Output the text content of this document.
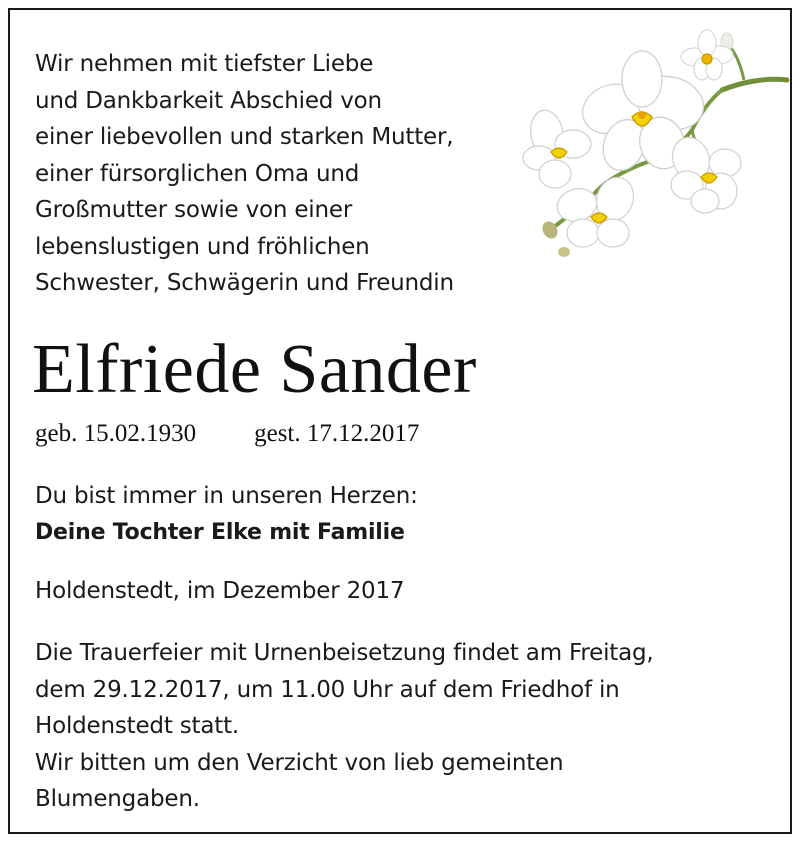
Wir nehmen mit tiefster Liebe
und Dankbarkeit Abschied von
einer liebevollen und starken Mutter,
einer fürsorglichen Oma und
Großmutter sowie von einer
lebenslustigen und fröhlichen
Schwester, Schwägerin und Freundin
Elfriede Sander
geb. 15.02.1930 gest. 17.12.2017
Du bist immer in unseren Herzen:
Deine Tochter Elke mit Familie
Holdenstedt, im Dezember 2017
Die Trauerfeier mit Urnenbeisetzung findet am Freitag,
dem 29.12.2017, um 11.00 Uhr auf dem Friedhof in
Holdenstedt statt.
Wir bitten um den Verzicht von lieb gemeinten
Blumengaben.
